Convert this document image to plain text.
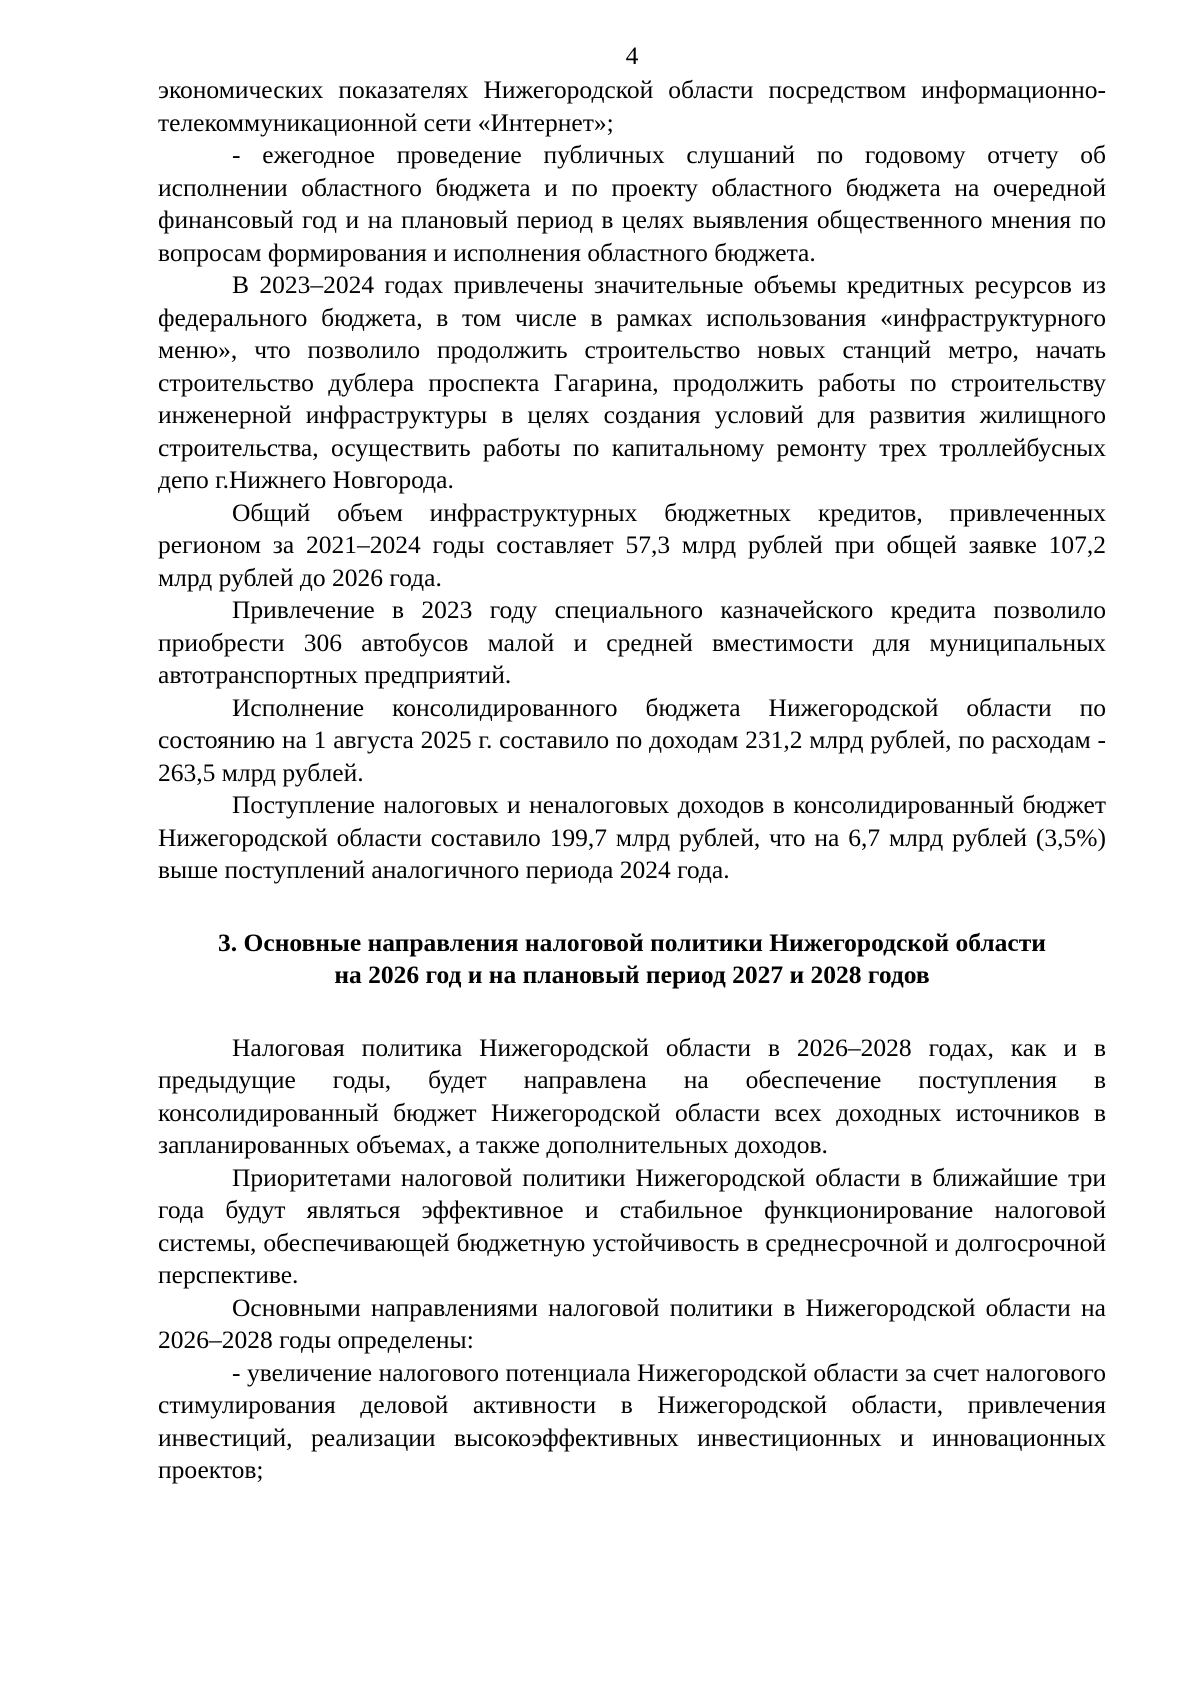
4

экономических показателях Нижегородской области посредством информационно-телекоммуникационной сети «Интернет»;

- ежегодное проведение публичных слушаний по годовому отчету об исполнении областного бюджета и по проекту областного бюджета на очередной финансовый год и на плановый период в целях выявления общественного мнения по вопросам формирования и исполнения областного бюджета.

В 2023–2024 годах привлечены значительные объемы кредитных ресурсов из федерального бюджета, в том числе в рамках использования «инфраструктурного меню», что позволило продолжить строительство новых станций метро, начать строительство дублера проспекта Гагарина, продолжить работы по строительству инженерной инфраструктуры в целях создания условий для развития жилищного строительства, осуществить работы по капитальному ремонту трех троллейбусных депо г.Нижнего Новгорода.

Общий объем инфраструктурных бюджетных кредитов, привлеченных регионом за 2021–2024 годы составляет 57,3 млрд рублей при общей заявке 107,2 млрд рублей до 2026 года.

Привлечение в 2023 году специального казначейского кредита позволило приобрести 306 автобусов малой и средней вместимости для муниципальных автотранспортных предприятий.

Исполнение консолидированного бюджета Нижегородской области по состоянию на 1 августа 2025 г. составило по доходам 231,2 млрд рублей, по расходам - 263,5 млрд рублей.

Поступление налоговых и неналоговых доходов в консолидированный бюджет Нижегородской области составило 199,7 млрд рублей, что на 6,7 млрд рублей (3,5%) выше поступлений аналогичного периода 2024 года.

3. Основные направления налоговой политики Нижегородской области
на 2026 год и на плановый период 2027 и 2028 годов

Налоговая политика Нижегородской области в 2026–2028 годах, как и в предыдущие годы, будет направлена на обеспечение поступления в консолидированный бюджет Нижегородской области всех доходных источников в запланированных объемах, а также дополнительных доходов.

Приоритетами налоговой политики Нижегородской области в ближайшие три года будут являться эффективное и стабильное функционирование налоговой системы, обеспечивающей бюджетную устойчивость в среднесрочной и долгосрочной перспективе.

Основными направлениями налоговой политики в Нижегородской области на 2026–2028 годы определены:

- увеличение налогового потенциала Нижегородской области за счет налогового стимулирования деловой активности в Нижегородской области, привлечения инвестиций, реализации высокоэффективных инвестиционных и инновационных проектов;
